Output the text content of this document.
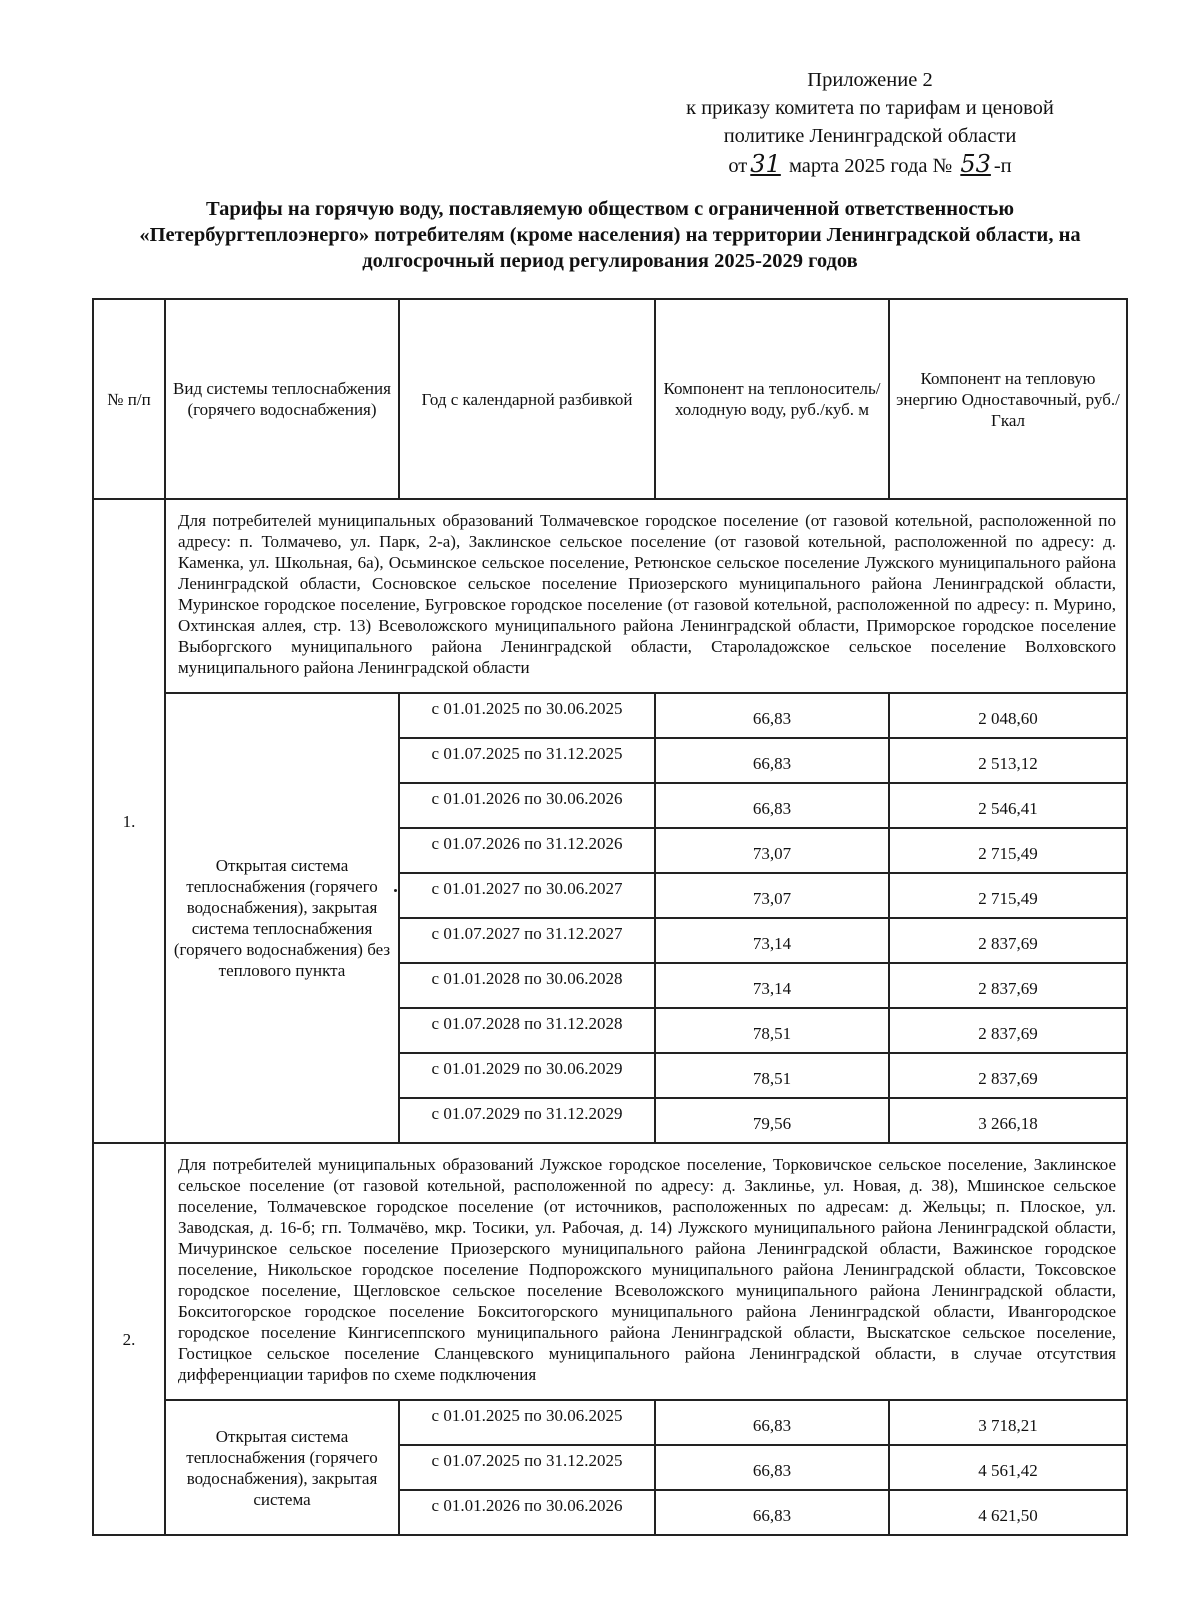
Приложение 2
к приказу комитета по тарифам и ценовой
политике Ленинградской области
от 31 марта 2025 года № 53 -п
Тарифы на горячую воду, поставляемую обществом с ограниченной ответственностью «Петербургтеплоэнерго» потребителям (кроме населения) на территории Ленинградской области, на долгосрочный период регулирования 2025-2029 годов
№ п/п	Вид системы теплоснабжения (горячего водоснабжения)	Год с календарной разбивкой	Компонент на теплоноситель/холодную воду, руб./куб. м	Компонент на тепловую энергию Одноставочный, руб./Гкал
1.	Для потребителей муниципальных образований Толмачевское городское поселение (от газовой котельной, расположенной по адресу: п. Толмачево, ул. Парк, 2-а), Заклинское сельское поселение (от газовой котельной, расположенной по адресу: д. Каменка, ул. Школьная, 6а), Осьминское сельское поселение, Ретюнское сельское поселение Лужского муниципального района Ленинградской области, Сосновское сельское поселение Приозерского муниципального района Ленинградской области, Муринское городское поселение, Бугровское городское поселение (от газовой котельной, расположенной по адресу: п. Мурино, Охтинская аллея, стр. 13) Всеволожского муниципального района Ленинградской области, Приморское городское поселение Выборгского муниципального района Ленинградской области, Староладожское сельское поселение Волховского муниципального района Ленинградской области			
	Открытая система теплоснабжения (горячего водоснабжения), закрытая система теплоснабжения (горячего водоснабжения) без теплового пункта	с 01.01.2025 по 30.06.2025	66,83	2 048,60
		с 01.07.2025 по 31.12.2025	66,83	2 513,12
		с 01.01.2026 по 30.06.2026	66,83	2 546,41
		с 01.07.2026 по 31.12.2026	73,07	2 715,49
		с 01.01.2027 по 30.06.2027	73,07	2 715,49
		с 01.07.2027 по 31.12.2027	73,14	2 837,69
		с 01.01.2028 по 30.06.2028	73,14	2 837,69
		с 01.07.2028 по 31.12.2028	78,51	2 837,69
		с 01.01.2029 по 30.06.2029	78,51	2 837,69
		с 01.07.2029 по 31.12.2029	79,56	3 266,18
2.	Для потребителей муниципальных образований Лужское городское поселение, Торковичское сельское поселение, Заклинское сельское поселение (от газовой котельной, расположенной по адресу: д. Заклинье, ул. Новая, д. 38), Мшинское сельское поселение, Толмачевское городское поселение (от источников, расположенных по адресам: д. Жельцы; п. Плоское, ул. Заводская, д. 16-б; гп. Толмачёво, мкр. Тосики, ул. Рабочая, д. 14) Лужского муниципального района Ленинградской области, Мичуринское сельское поселение Приозерского муниципального района Ленинградской области, Важинское городское поселение, Никольское городское поселение Подпорожского муниципального района Ленинградской области, Токсовское городское поселение, Щегловское сельское поселение Всеволожского муниципального района Ленинградской области, Бокситогорское городское поселение Бокситогорского муниципального района Ленинградской области, Ивангородское городское поселение Кингисеппского муниципального района Ленинградской области, Выскатское сельское поселение, Гостицкое сельское поселение Сланцевского муниципального района Ленинградской области, в случае отсутствия дифференциации тарифов по схеме подключения			
	Открытая система теплоснабжения (горячего водоснабжения), закрытая система	с 01.01.2025 по 30.06.2025	66,83	3 718,21
		с 01.07.2025 по 31.12.2025	66,83	4 561,42
		с 01.01.2026 по 30.06.2026	66,83	4 621,50
